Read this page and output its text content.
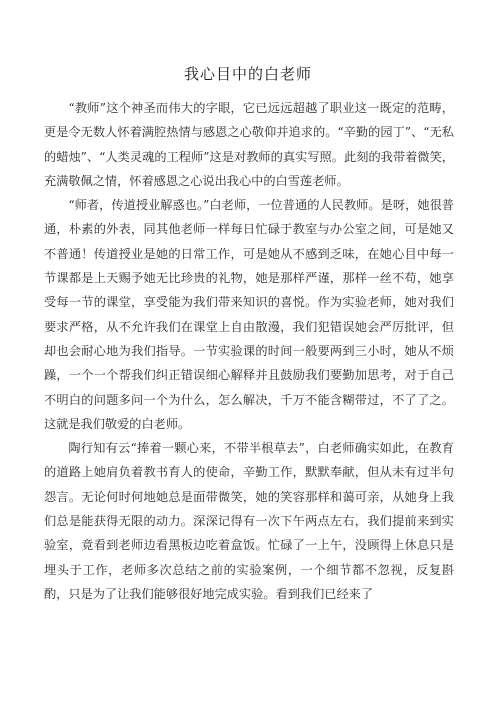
我心目中的白老师

“教师”这个神圣而伟大的字眼，它已远远超越了职业这一既定的范畴，更是令无数人怀着满腔热情与感恩之心敬仰并追求的。“辛勤的园丁”、“无私的蜡烛”、“人类灵魂的工程师”这是对教师的真实写照。此刻的我带着微笑，充满敬佩之情，怀着感恩之心说出我心中的白雪莲老师。

“师者，传道授业解惑也。”白老师，一位普通的人民教师。是呀，她很普通，朴素的外表，同其他老师一样每日忙碌于教室与办公室之间，可是她又不普通！传道授业是她的日常工作，可是她从不感到乏味，在她心目中每一节课都是上天赐予她无比珍贵的礼物，她是那样严谨，那样一丝不苟，她享受每一节的课堂，享受能为我们带来知识的喜悦。作为实验老师，她对我们要求严格，从不允许我们在课堂上自由散漫，我们犯错误她会严厉批评，但却也会耐心地为我们指导。一节实验课的时间一般要两到三小时，她从不烦躁，一个一个帮我们纠正错误细心解释并且鼓励我们要勤加思考，对于自己不明白的问题多问一个为什么，怎么解决，千万不能含糊带过，不了了之。这就是我们敬爱的白老师。

陶行知有云“捧着一颗心来，不带半根草去”，白老师确实如此，在教育的道路上她肩负着教书育人的使命，辛勤工作，默默奉献，但从未有过半句怨言。无论何时何地她总是面带微笑，她的笑容那样和蔼可亲，从她身上我们总是能获得无限的动力。深深记得有一次下午两点左右，我们提前来到实验室，竟看到老师边看黑板边吃着盒饭。忙碌了一上午，没顾得上休息只是埋头于工作，老师多次总结之前的实验案例，一个细节都不忽视，反复斟酌，只是为了让我们能够很好地完成实验。看到我们已经来了
